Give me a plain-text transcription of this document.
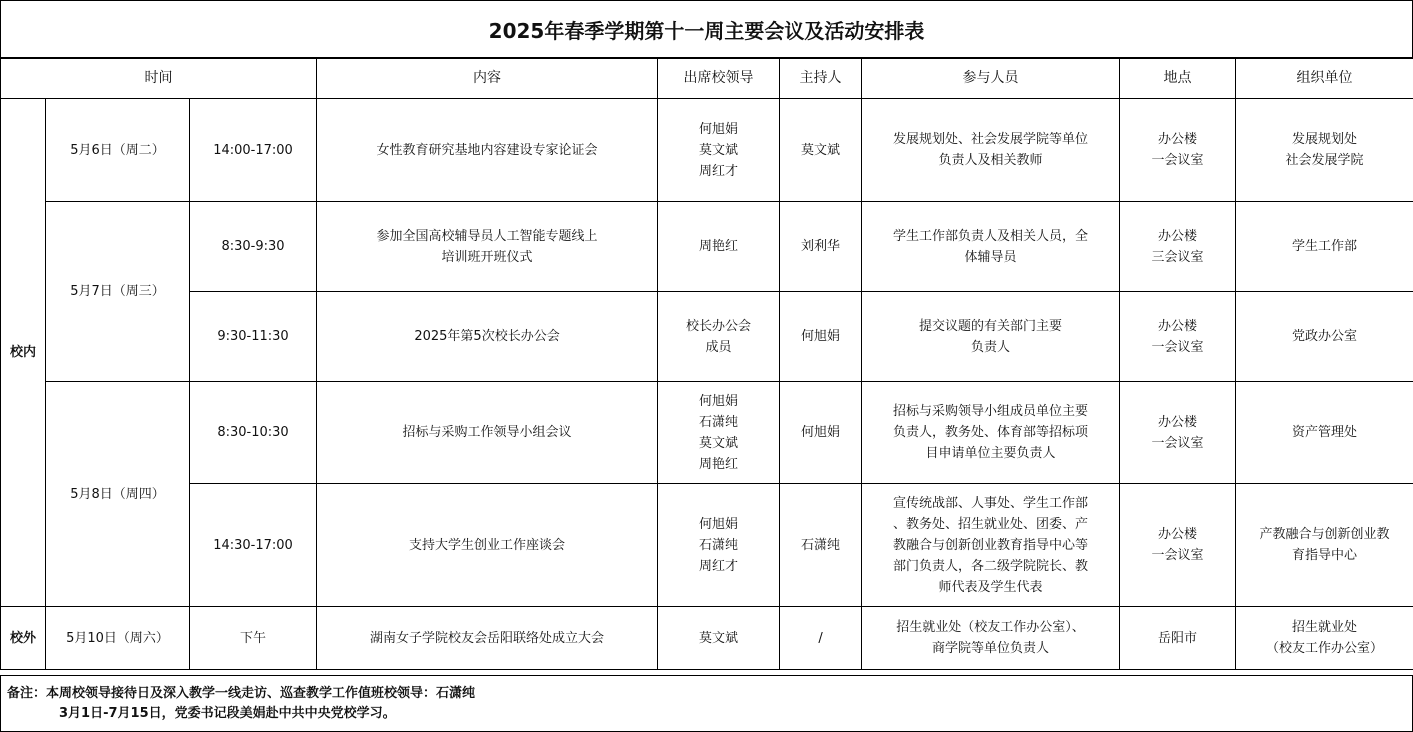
2025年春季学期第十一周主要会议及活动安排表
时间			内容	出席校领导	主持人	参与人员	地点	组织单位
校内	5月6日（周二）	14:00-17:00	女性教育研究基地内容建设专家论证会	何旭娟
莫文斌
周红才	莫文斌	发展规划处、社会发展学院等单位
负责人及相关教师	办公楼
一会议室	发展规划处
社会发展学院

	5月7日（周三）	8:30-9:30	参加全国高校辅导员人工智能专题线上
培训班开班仪式	周艳红	刘利华	学生工作部负责人及相关人员，全
体辅导员	办公楼
三会议室	学生工作部

		9:30-11:30	2025年第5次校长办公会	校长办公会
成员	何旭娟	提交议题的有关部门主要
负责人	办公楼
一会议室	党政办公室

	5月8日（周四）	8:30-10:30	招标与采购工作领导小组会议	何旭娟
石潇纯
莫文斌
周艳红	何旭娟	招标与采购领导小组成员单位主要
负责人，教务处、体育部等招标项
目申请单位主要负责人	办公楼
一会议室	资产管理处

		14:30-17:00	支持大学生创业工作座谈会	何旭娟
石潇纯
周红才	石潇纯	宣传统战部、人事处、学生工作部
、教务处、招生就业处、团委、产
教融合与创新创业教育指导中心等
部门负责人，各二级学院院长、教
师代表及学生代表	办公楼
一会议室	产教融合与创新创业教
育指导中心

校外	5月10日（周六）	下午	湖南女子学院校友会岳阳联络处成立大会	莫文斌	/	招生就业处（校友工作办公室）、
商学院等单位负责人	岳阳市	招生就业处
（校友工作办公室）
备注：本周校领导接待日及深入教学一线走访、巡查教学工作值班校领导：石潇纯
3月1日-7月15日，党委书记段美娟赴中共中央党校学习。
